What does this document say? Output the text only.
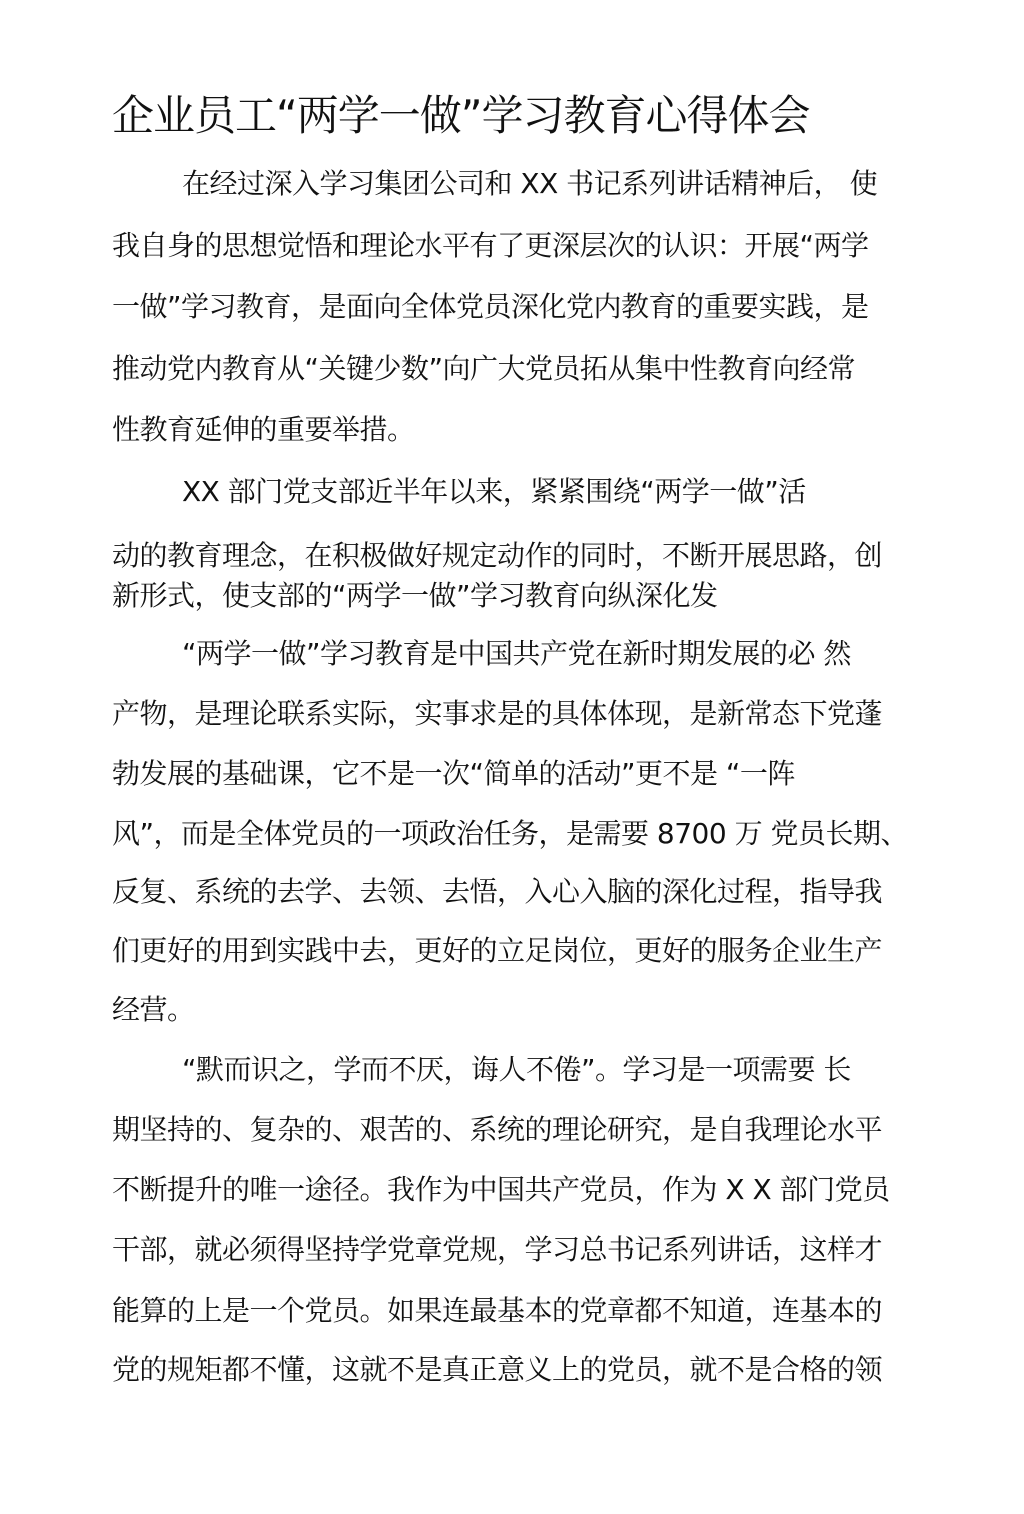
企业员工“两学一做”学习教育心得体会
在经过深入学习集团公司和 XX 书记系列讲话精神后， 使
我自身的思想觉悟和理论水平有了更深层次的认识：开展“两学
一做”学习教育，是面向全体党员深化党内教育的重要实践，是
推动党内教育从“关键少数”向广大党员拓从集中性教育向经常
性教育延伸的重要举措。
XX 部门党支部近半年以来，紧紧围绕“两学一做”活
动的教育理念，在积极做好规定动作的同时，不断开展思路，创
新形式，使支部的“两学一做”学习教育向纵深化发
“两学一做”学习教育是中国共产党在新时期发展的必 然
产物，是理论联系实际，实事求是的具体体现，是新常态下党蓬
勃发展的基础课，它不是一次“简单的活动”更不是 “一阵
风”，而是全体党员的一项政治任务，是需要 8700 万 党员长期、
反复、系统的去学、去领、去悟，入心入脑的深化过程，指导我
们更好的用到实践中去，更好的立足岗位，更好的服务企业生产
经营。
“默而识之，学而不厌，诲人不倦”。学习是一项需要 长
期坚持的、复杂的、艰苦的、系统的理论研究，是自我理论水平
不断提升的唯一途径。我作为中国共产党员，作为 X X 部门党员
干部，就必须得坚持学党章党规，学习总书记系列讲话，这样才
能算的上是一个党员。如果连最基本的党章都不知道，连基本的
党的规矩都不懂，这就不是真正意义上的党员，就不是合格的领
